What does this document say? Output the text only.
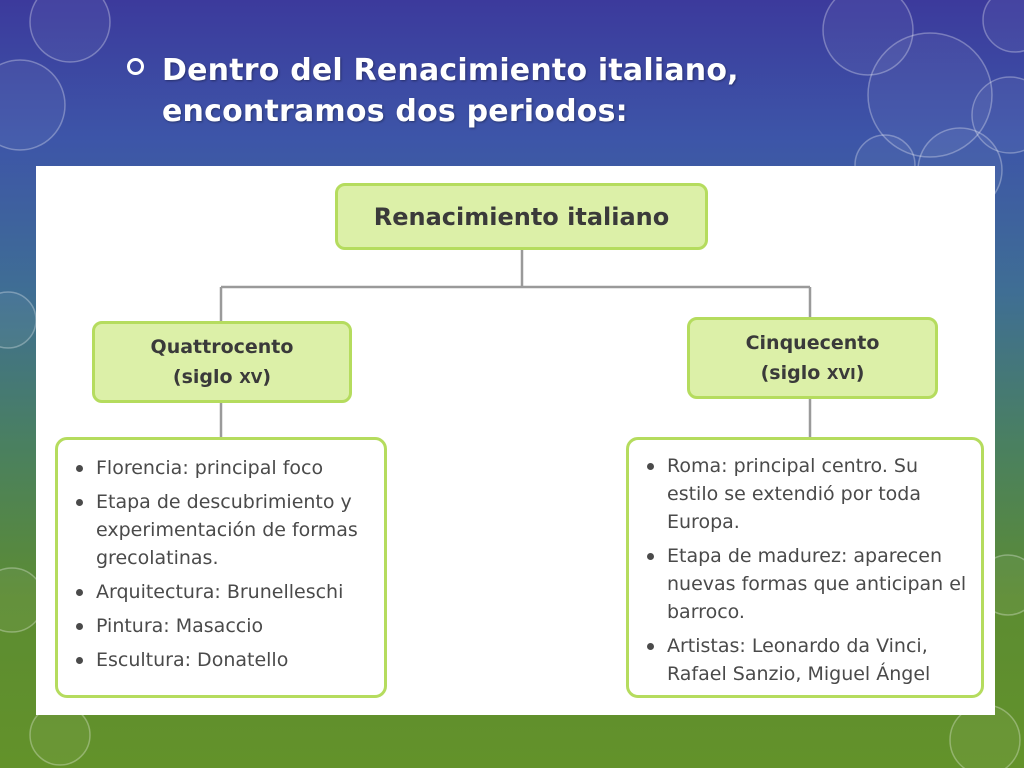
Dentro del Renacimiento italiano,
encontramos dos periodos:
Renacimiento italiano
Quattrocento
(siglo XV)
Cinquecento
(siglo XVI)
Florencia: principal foco
Etapa de descubrimiento y experimentación de formas grecolatinas.
Arquitectura: Brunelleschi
Pintura: Masaccio
Escultura: Donatello
Roma: principal centro. Su estilo se extendió por toda Europa.
Etapa de madurez: aparecen nuevas formas que anticipan el barroco.
Artistas: Leonardo da Vinci, Rafael Sanzio, Miguel Ángel
